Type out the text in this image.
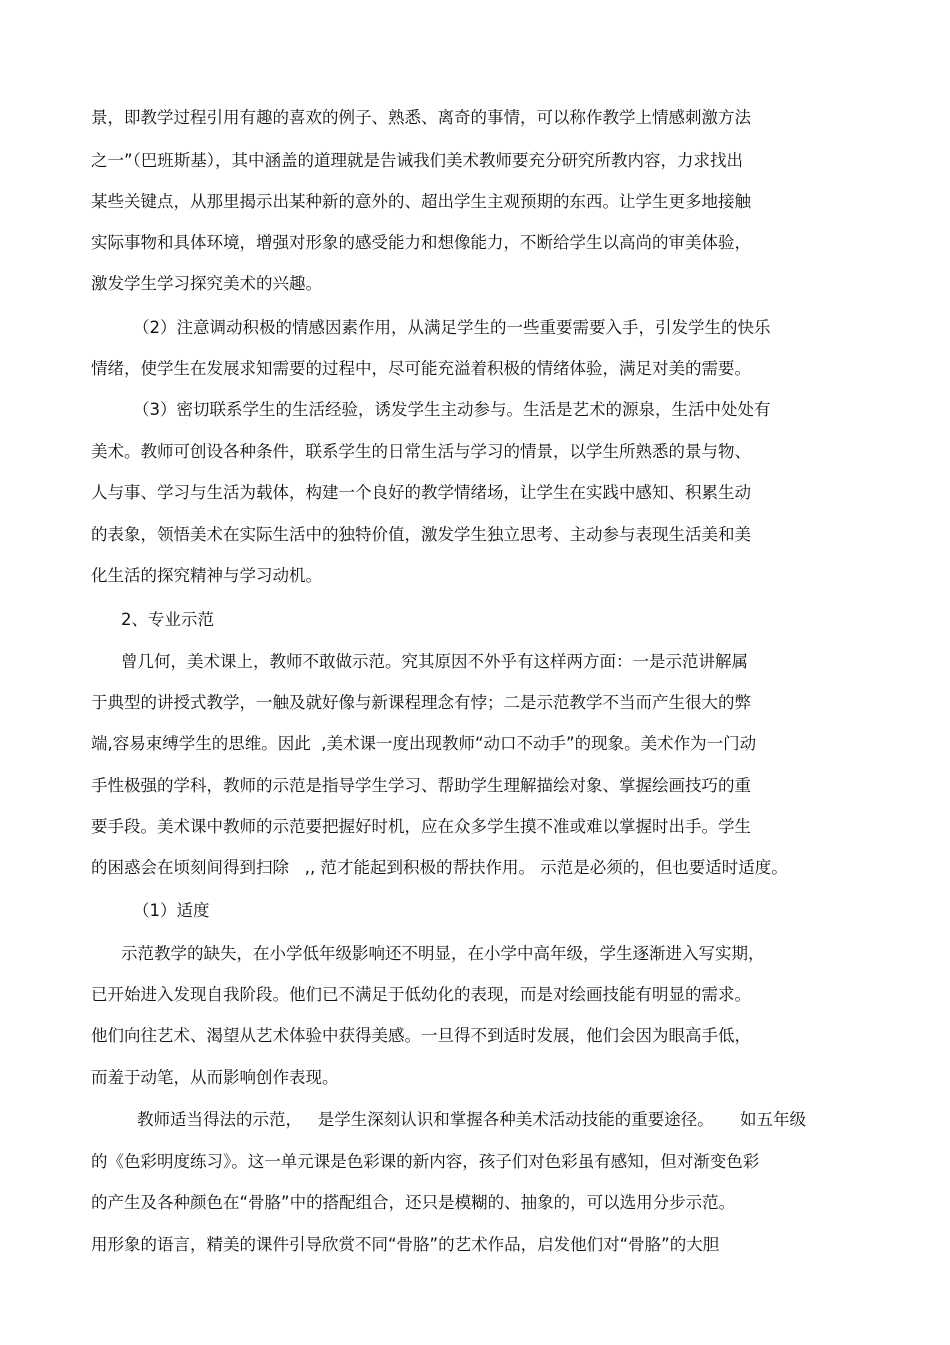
景，即教学过程引用有趣的喜欢的例子、熟悉、离奇的事情，可以称作教学上情感刺激方法
之一”（巴班斯基），其中涵盖的道理就是告诫我们美术教师要充分研究所教内容，力求找出
某些关键点，从那里揭示出某种新的意外的、超出学生主观预期的东西。让学生更多地接触
实际事物和具体环境，增强对形象的感受能力和想像能力，不断给学生以高尚的审美体验，
激发学生学习探究美术的兴趣。
（2）注意调动积极的情感因素作用，从满足学生的一些重要需要入手，引发学生的快乐
情绪，使学生在发展求知需要的过程中，尽可能充溢着积极的情绪体验，满足对美的需要。
（3）密切联系学生的生活经验，诱发学生主动参与。生活是艺术的源泉，生活中处处有
美术。教师可创设各种条件，联系学生的日常生活与学习的情景，以学生所熟悉的景与物、
人与事、学习与生活为载体，构建一个良好的教学情绪场，让学生在实践中感知、积累生动
的表象，领悟美术在实际生活中的独特价值，激发学生独立思考、主动参与表现生活美和美
化生活的探究精神与学习动机。
2、专业示范
曾几何，美术课上，教师不敢做示范。究其原因不外乎有这样两方面：一是示范讲解属
于典型的讲授式教学，一触及就好像与新课程理念有悖；二是示范教学不当而产生很大的弊
端,容易束缚学生的思维。因此  ,美术课一度出现教师“动口不动手”的现象。美术作为一门动
手性极强的学科，教师的示范是指导学生学习、帮助学生理解描绘对象、掌握绘画技巧的重
要手段。美术课中教师的示范要把握好时机，应在众多学生摸不准或难以掌握时出手。学生
的困惑会在顷刻间得到扫除   ,, 范才能起到积极的帮扶作用。 示范是必须的，但也要适时适度。
（1）适度
示范教学的缺失，在小学低年级影响还不明显，在小学中高年级，学生逐渐进入写实期，
已开始进入发现自我阶段。他们已不满足于低幼化的表现，而是对绘画技能有明显的需求。
他们向往艺术、渴望从艺术体验中获得美感。一旦得不到适时发展，他们会因为眼高手低，
而羞于动笔，从而影响创作表现。
教师适当得法的示范，   是学生深刻认识和掌握各种美术活动技能的重要途径。     如五年级
的《色彩明度练习》。这一单元课是色彩课的新内容，孩子们对色彩虽有感知，但对渐变色彩
的产生及各种颜色在“骨胳”中的搭配组合，还只是模糊的、抽象的，可以选用分步示范。
用形象的语言，精美的课件引导欣赏不同“骨胳”的艺术作品，启发他们对“骨胳”的大胆
